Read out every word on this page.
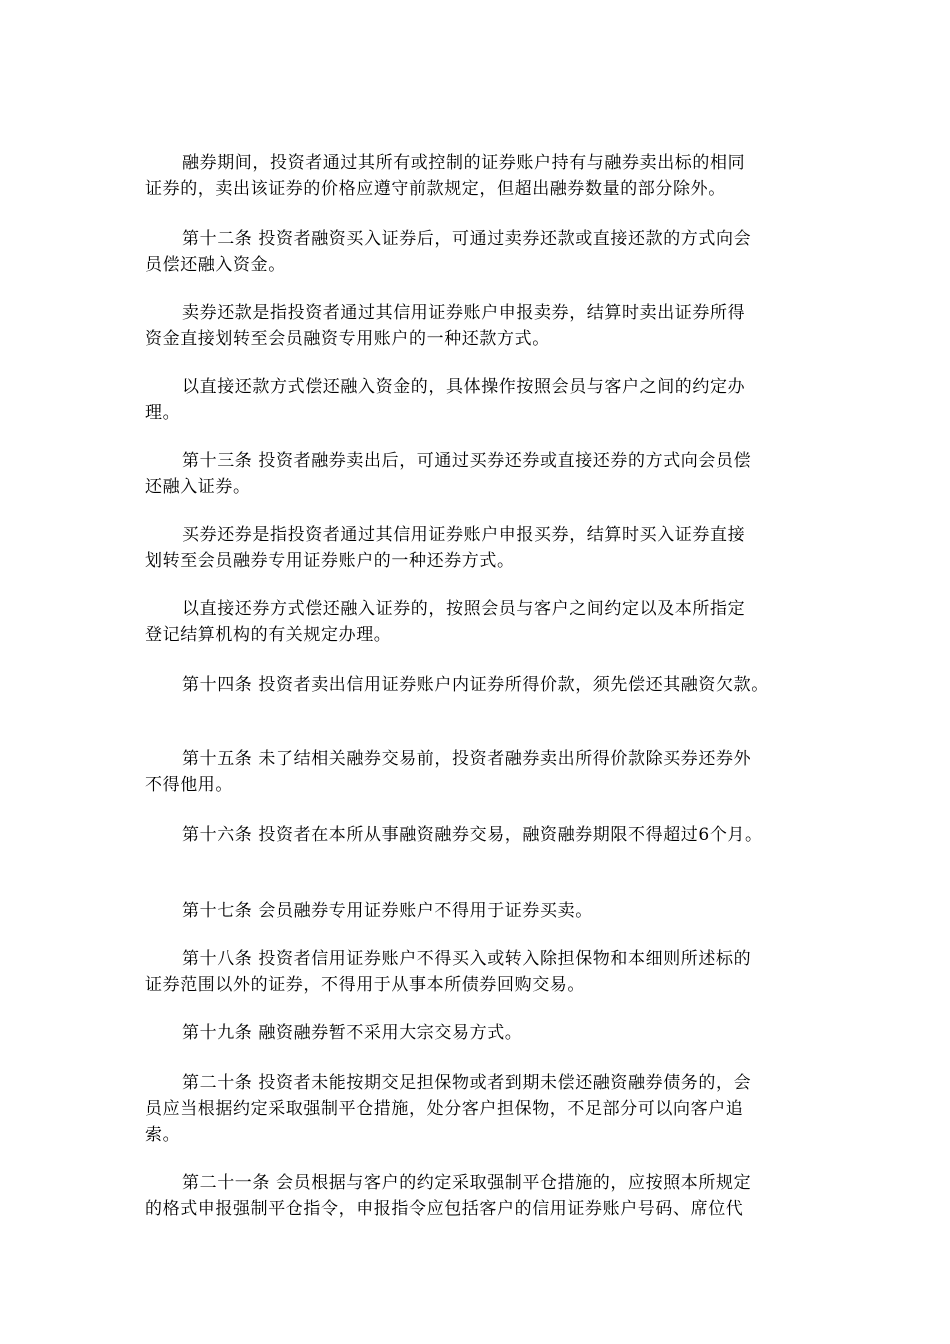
融券期间，投资者通过其所有或控制的证券账户持有与融券卖出标的相同
证券的，卖出该证券的价格应遵守前款规定，但超出融券数量的部分除外。

第十二条 投资者融资买入证券后，可通过卖券还款或直接还款的方式向会
员偿还融入资金。

卖券还款是指投资者通过其信用证券账户申报卖券，结算时卖出证券所得
资金直接划转至会员融资专用账户的一种还款方式。

以直接还款方式偿还融入资金的，具体操作按照会员与客户之间的约定办
理。

第十三条 投资者融券卖出后，可通过买券还券或直接还券的方式向会员偿
还融入证券。

买券还券是指投资者通过其信用证券账户申报买券，结算时买入证券直接
划转至会员融券专用证券账户的一种还券方式。

以直接还券方式偿还融入证券的，按照会员与客户之间约定以及本所指定
登记结算机构的有关规定办理。

第十四条 投资者卖出信用证券账户内证券所得价款，须先偿还其融资欠款。

第十五条 未了结相关融券交易前，投资者融券卖出所得价款除买券还券外
不得他用。

第十六条 投资者在本所从事融资融券交易，融资融券期限不得超过6个月。

第十七条 会员融券专用证券账户不得用于证券买卖。

第十八条 投资者信用证券账户不得买入或转入除担保物和本细则所述标的
证券范围以外的证券，不得用于从事本所债券回购交易。

第十九条 融资融券暂不采用大宗交易方式。

第二十条 投资者未能按期交足担保物或者到期未偿还融资融券债务的，会
员应当根据约定采取强制平仓措施，处分客户担保物，不足部分可以向客户追
索。

第二十一条 会员根据与客户的约定采取强制平仓措施的，应按照本所规定
的格式申报强制平仓指令，申报指令应包括客户的信用证券账户号码、席位代
